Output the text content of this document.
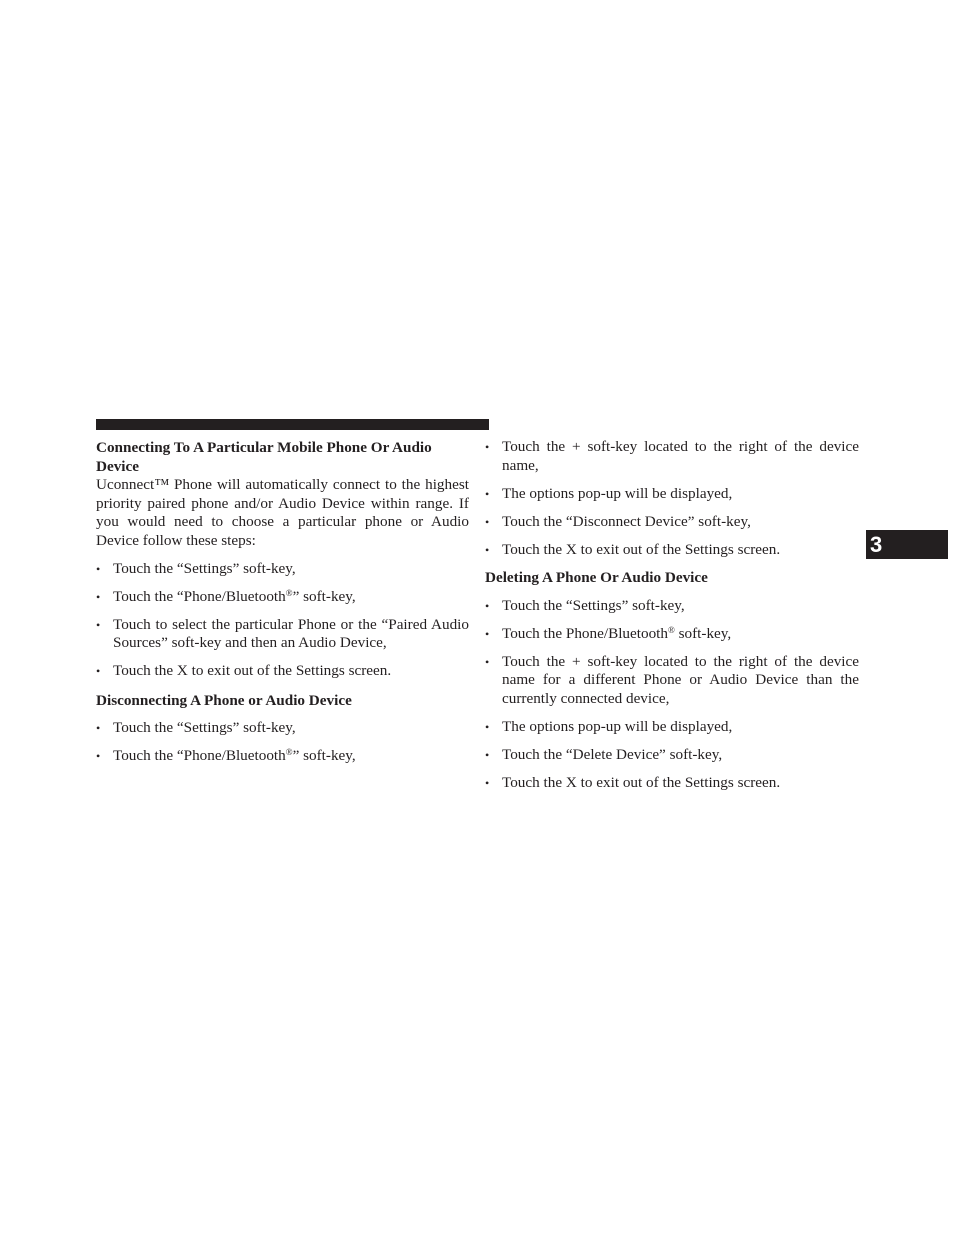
Connecting To A Particular Mobile Phone Or Audio Device

Uconnect™ Phone will automatically connect to the highest priority paired phone and/or Audio Device within range. If you would need to choose a particular phone or Audio Device follow these steps:

• Touch the “Settings” soft-key,
• Touch the “Phone/Bluetooth®” soft-key,
• Touch to select the particular Phone or the “Paired Audio Sources” soft-key and then an Audio Device,
• Touch the X to exit out of the Settings screen.
Disconnecting A Phone or Audio Device
• Touch the “Settings” soft-key,
• Touch the “Phone/Bluetooth®” soft-key,
• Touch the + soft-key located to the right of the device name,
• The options pop-up will be displayed,
• Touch the “Disconnect Device” soft-key,
• Touch the X to exit out of the Settings screen.
Deleting A Phone Or Audio Device
• Touch the “Settings” soft-key,
• Touch the Phone/Bluetooth® soft-key,
• Touch the + soft-key located to the right of the device name for a different Phone or Audio Device than the currently connected device,
• The options pop-up will be displayed,
• Touch the “Delete Device” soft-key,
• Touch the X to exit out of the Settings screen.
3
